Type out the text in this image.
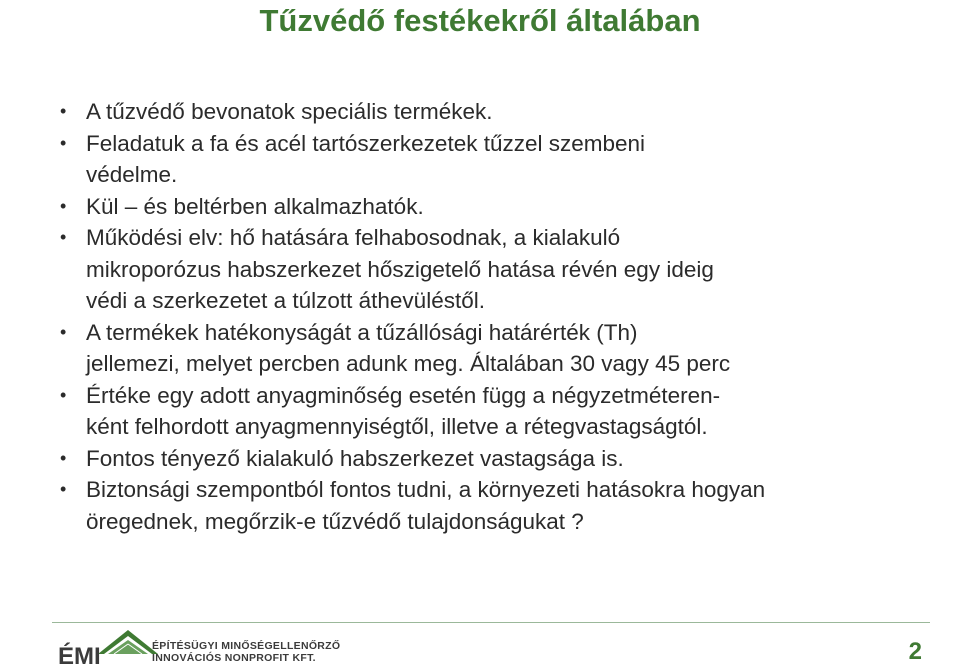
Tűzvédő festékekről általában
• A tűzvédő bevonatok speciális termékek.
• Feladatuk a fa és acél tartószerkezetek tűzzel szembeni
védelme.
• Kül – és beltérben alkalmazhatók.
• Működési elv: hő hatására felhabosodnak, a kialakuló
mikroporózus habszerkezet hőszigetelő hatása révén egy ideig
védi a szerkezetet a túlzott áthevüléstől.
• A termékek hatékonyságát a tűzállósági határérték (Th)
jellemezi, melyet percben adunk meg. Általában 30 vagy 45 perc
• Értéke egy adott anyagminőség esetén függ a négyzetméteren-
ként felhordott anyagmennyiségtől, illetve a rétegvastagságtól.
• Fontos tényező kialakuló habszerkezet vastagsága is.
• Biztonsági szempontból fontos tudni, a környezeti hatásokra hogyan
öregednek, megőrzik-e tűzvédő tulajdonságukat ?
ÉMI	ÉPÍTÉSÜGYI MINŐSÉGELLENŐRZŐ
INNOVÁCIÓS NONPROFIT KFT.	2
